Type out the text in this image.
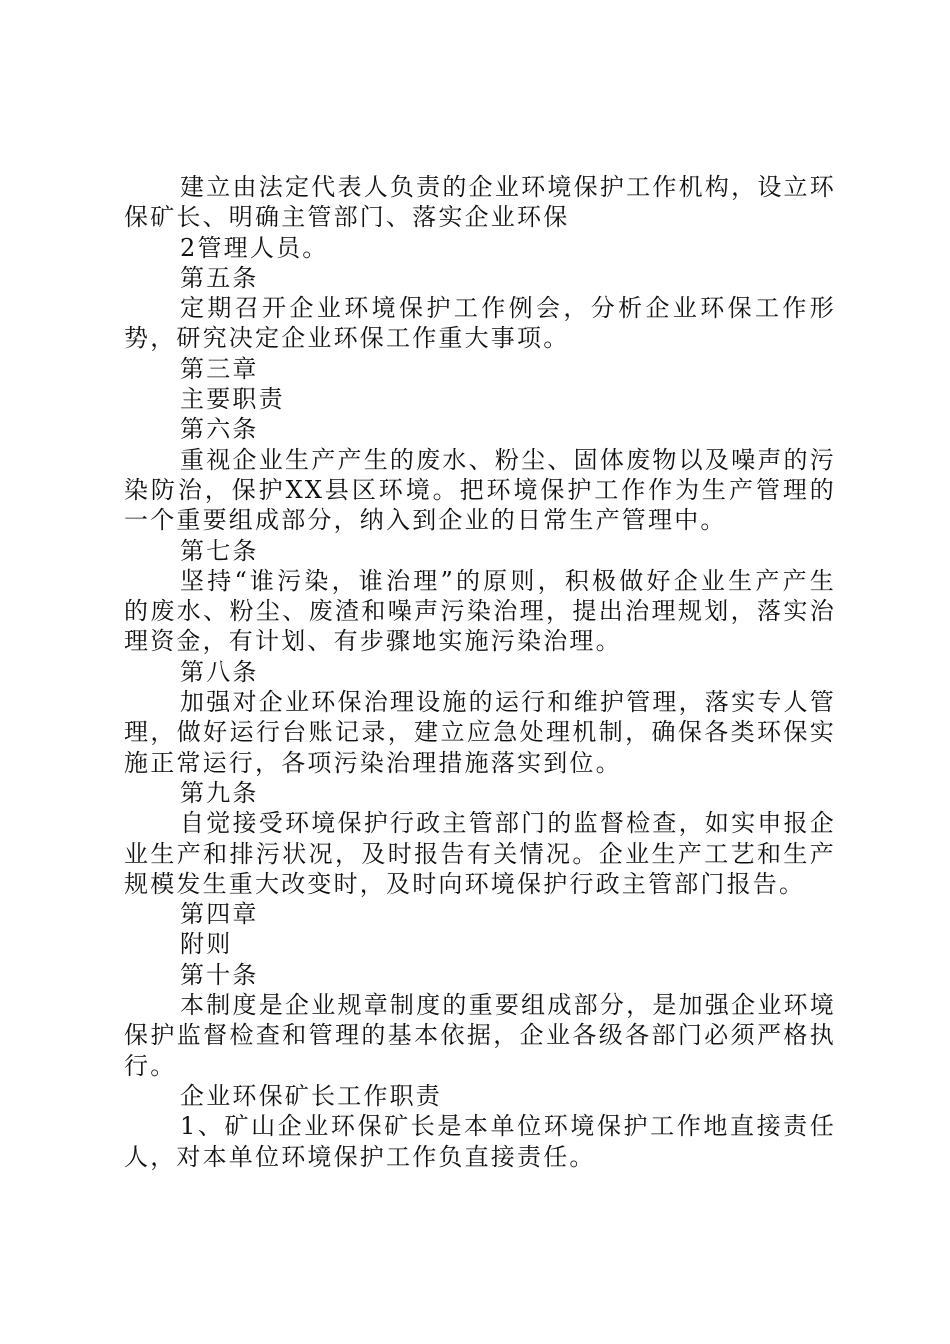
建立由法定代表人负责的企业环境保护工作机构，设立环保矿长、明确主管部门、落实企业环保

2管理人员。

第五条

定期召开企业环境保护工作例会，分析企业环保工作形势，研究决定企业环保工作重大事项。

第三章

主要职责

第六条

重视企业生产产生的废水、粉尘、固体废物以及噪声的污染防治，保护XX县区环境。把环境保护工作作为生产管理的一个重要组成部分，纳入到企业的日常生产管理中。

第七条

坚持“谁污染，谁治理”的原则，积极做好企业生产产生的废水、粉尘、废渣和噪声污染治理，提出治理规划，落实治理资金，有计划、有步骤地实施污染治理。

第八条

加强对企业环保治理设施的运行和维护管理，落实专人管理，做好运行台账记录，建立应急处理机制，确保各类环保实施正常运行，各项污染治理措施落实到位。

第九条

自觉接受环境保护行政主管部门的监督检查，如实申报企业生产和排污状况，及时报告有关情况。企业生产工艺和生产规模发生重大改变时，及时向环境保护行政主管部门报告。

第四章

附则

第十条

本制度是企业规章制度的重要组成部分，是加强企业环境保护监督检查和管理的基本依据，企业各级各部门必须严格执行。

企业环保矿长工作职责

1、矿山企业环保矿长是本单位环境保护工作地直接责任人，对本单位环境保护工作负直接责任。
